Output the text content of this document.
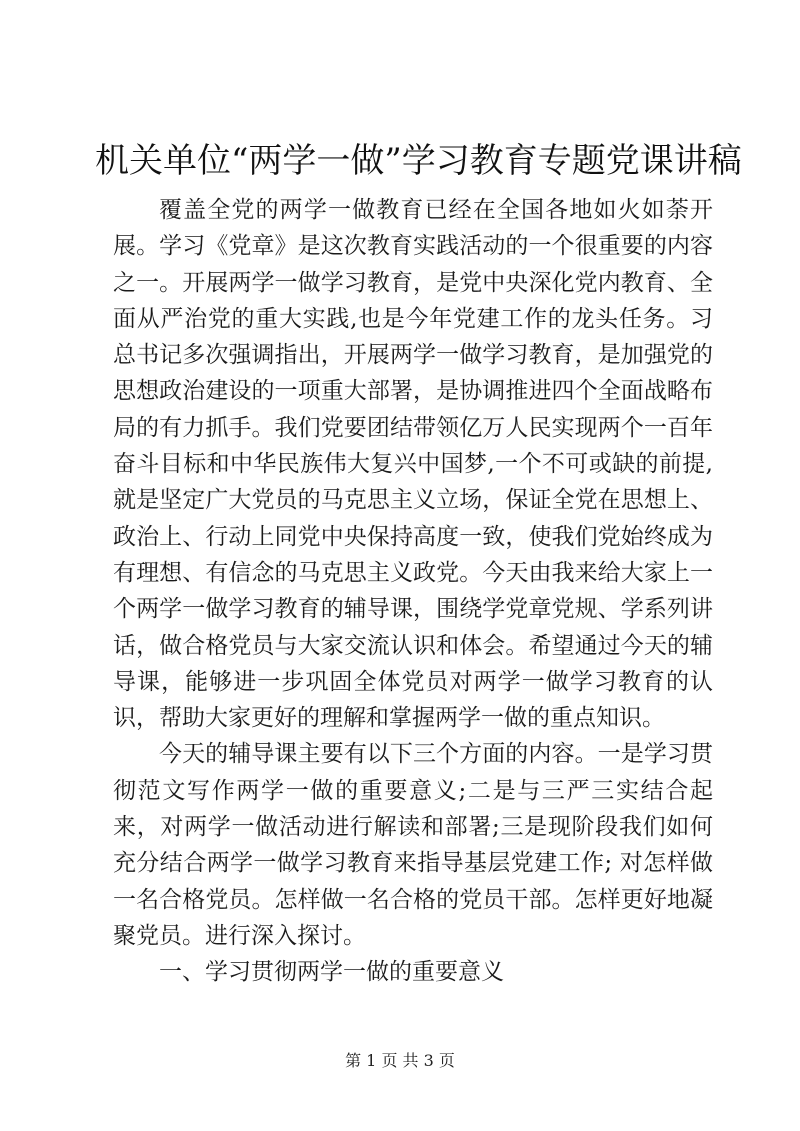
机关单位“两学一做”学习教育专题党课讲稿

覆盖全党的两学一做教育已经在全国各地如火如荼开展。学习《党章》是这次教育实践活动的一个很重要的内容之一。开展两学一做学习教育，是党中央深化党内教育、全面从严治党的重大实践,也是今年党建工作的龙头任务。习总书记多次强调指出，开展两学一做学习教育，是加强党的思想政治建设的一项重大部署，是协调推进四个全面战略布局的有力抓手。我们党要团结带领亿万人民实现两个一百年奋斗目标和中华民族伟大复兴中国梦,一个不可或缺的前提,就是坚定广大党员的马克思主义立场，保证全党在思想上、政治上、行动上同党中央保持高度一致，使我们党始终成为有理想、有信念的马克思主义政党。今天由我来给大家上一个两学一做学习教育的辅导课，围绕学党章党规、学系列讲话，做合格党员与大家交流认识和体会。希望通过今天的辅导课，能够进一步巩固全体党员对两学一做学习教育的认识，帮助大家更好的理解和掌握两学一做的重点知识。

今天的辅导课主要有以下三个方面的内容。一是学习贯彻范文写作两学一做的重要意义;二是与三严三实结合起来，对两学一做活动进行解读和部署;三是现阶段我们如何充分结合两学一做学习教育来指导基层党建工作; 对怎样做一名合格党员。怎样做一名合格的党员干部。怎样更好地凝聚党员。进行深入探讨。

一、学习贯彻两学一做的重要意义

第 1 页 共 3 页
